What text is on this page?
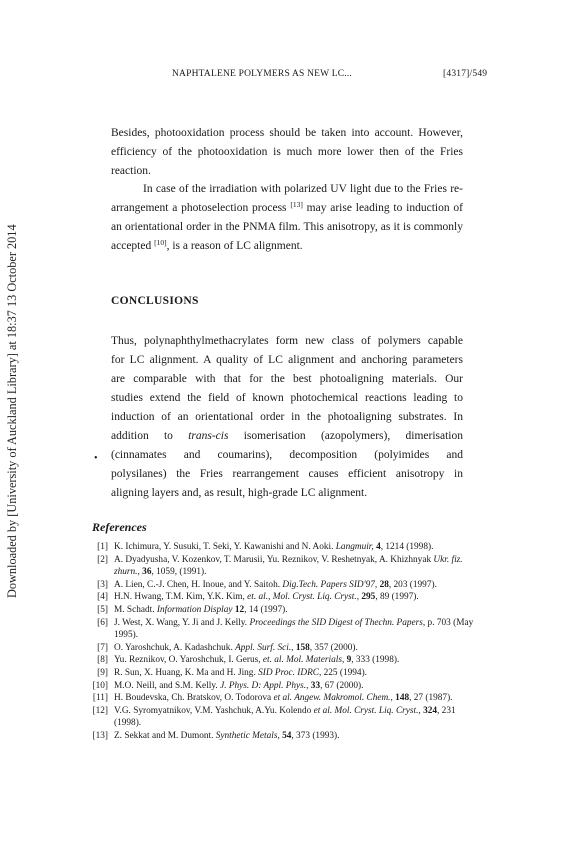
Downloaded by [University of Auckland Library] at 18:37 13 October 2014
NAPHTALENE POLYMERS AS NEW LC...	[4317]/549
Besides, photooxidation process should be taken into account. However, efficiency of the photooxidation is much more lower then of the Fries reaction.
In case of the irradiation with polarized UV light due to the Fries re-arrangement a photoselection process [13] may arise leading to induction of an orientational order in the PNMA film. This anisotropy, as it is commonly accepted [10], is a reason of LC alignment.
CONCLUSIONS
Thus, polynaphthylmethacrylates form new class of polymers capable
for LC alignment. A quality of LC alignment and anchoring parameters
are comparable with that for the best photoaligning materials. Our
studies extend the field of known photochemical reactions leading to
induction of an orientational order in the photoaligning substrates. In
addition to trans-cis isomerisation (azopolymers), dimerisation
(cinnamates and coumarins), decomposition (polyimides and
polysilanes) the Fries rearrangement causes efficient anisotropy in
aligning layers and, as result, high-grade LC alignment.
•
References
[1] K. Ichimura, Y. Susuki, T. Seki, Y. Kawanishi and N. Aoki. Langmuir, 4, 1214 (1998).
[2] A. Dyadyusha, V. Kozenkov, T. Marusii, Yu. Reznikov, V. Reshetnyak, A. Khizhnyak Ukr. fiz. zhurn., 36, 1059, (1991).
[3] A. Lien, C.-J. Chen, H. Inoue, and Y. Saitoh. Dig.Tech. Papers SID'97, 28, 203 (1997).
[4] H.N. Hwang, T.M. Kim, Y.K. Kim, et. al., Mol. Cryst. Liq. Cryst., 295, 89 (1997).
[5] M. Schadt. Information Display 12, 14 (1997).
[6] J. West, X. Wang, Y. Ji and J. Kelly. Proceedings the SID Digest of Thechn. Papers, p. 703 (May 1995).
[7] O. Yaroshchuk, A. Kadashchuk. Appl. Surf. Sci., 158, 357 (2000).
[8] Yu. Reznikov, O. Yaroshchuk, I. Gerus, et. al. Mol. Materials, 9, 333 (1998).
[9] R. Sun, X. Huang, K. Ma and H. Jing. SID Proc. IDRC, 225 (1994).
[10] M.O. Neill, and S.M. Kelly. J. Phys. D: Appl. Phys., 33, 67 (2000).
[11] H. Boudevska, Ch. Bratskov, O. Todorova et al. Angew. Makromol. Chem., 148, 27 (1987).
[12] V.G. Syromyatnikov, V.M. Yashchuk, A.Yu. Kolendo et al. Mol. Cryst. Liq. Cryst., 324, 231 (1998).
[13] Z. Sekkat and M. Dumont. Synthetic Metals, 54, 373 (1993).
